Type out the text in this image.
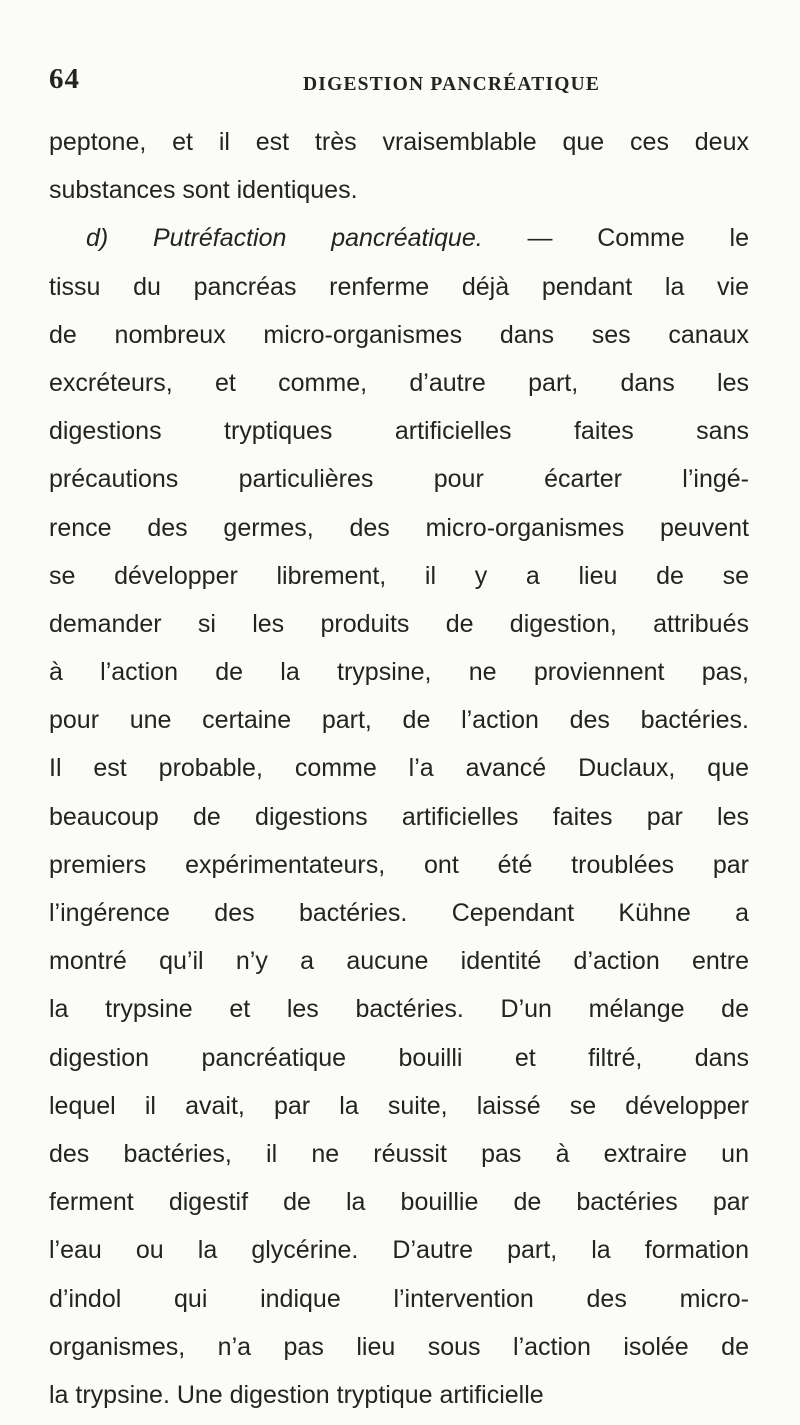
64	DIGESTION PANCRÉATIQUE
peptone, et il est très vraisemblable que ces deux
substances sont identiques.
d) Putréfaction pancréatique. — Comme le
tissu du pancréas renferme déjà pendant la vie
de nombreux micro-organismes dans ses canaux
excréteurs, et comme, d’autre part, dans les
digestions tryptiques artificielles faites sans
précautions particulières pour écarter l’ingé-
rence des germes, des micro-organismes peuvent
se développer librement, il y a lieu de se
demander si les produits de digestion, attribués
à l’action de la trypsine, ne proviennent pas,
pour une certaine part, de l’action des bactéries.
Il est probable, comme l’a avancé Duclaux, que
beaucoup de digestions artificielles faites par les
premiers expérimentateurs, ont été troublées par
l’ingérence des bactéries. Cependant Kühne a
montré qu’il n’y a aucune identité d’action entre
la trypsine et les bactéries. D’un mélange de
digestion pancréatique bouilli et filtré, dans
lequel il avait, par la suite, laissé se développer
des bactéries, il ne réussit pas à extraire un
ferment digestif de la bouillie de bactéries par
l’eau ou la glycérine. D’autre part, la formation
d’indol qui indique l’intervention des micro-
organismes, n’a pas lieu sous l’action isolée de
la trypsine. Une digestion tryptique artificielle
